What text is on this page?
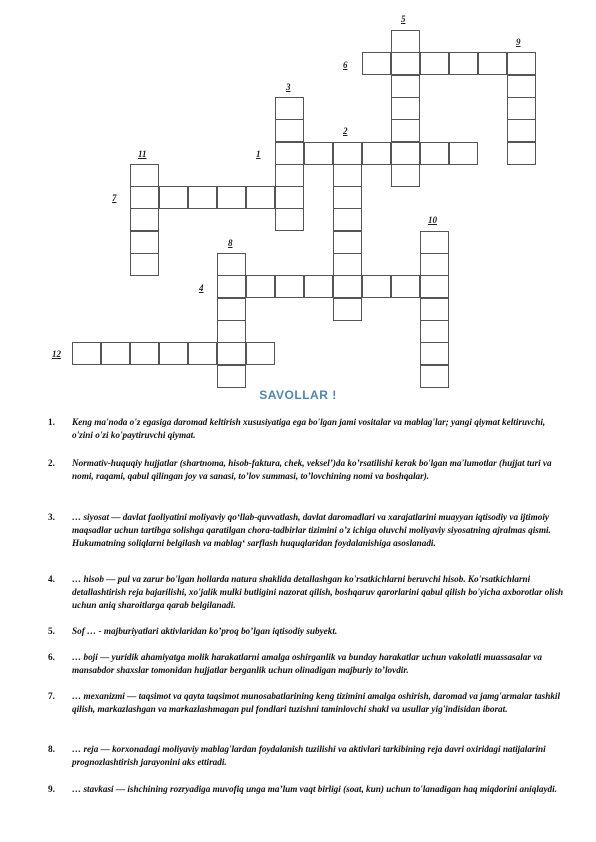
1
2
3
4
5
6
7
8
9
10
11
12
SAVOLLAR !
1. Keng ma'noda o'z egasiga daromad keltirish xususiyatiga ega bo'lgan jami vositalar va mablag'lar; yangi qiymat keltiruvchi, o'zini o'zi ko'paytiruvchi qiymat.
2. Normativ-huquqiy hujjatlar (shartnoma, hisob-faktura, chek, veksel’)da ko’rsatilishi kerak bo'lgan ma'lumotlar (hujjat turi va nomi, raqami, qabul qilingan joy va sanasi, to’lov summasi, to’lovchining nomi va boshqalar).
3. … siyosat — davlat faoliyatini moliyaviy qo‘llab-quvvatlash, davlat daromadlari va xarajatlarini muayyan iqtisodiy va ijtimoiy maqsadlar uchun tartibga solishga qaratilgan chora-tadbirlar tizimini o’z ichiga oluvchi moliyaviy siyosatning ajralmas qismi. Hukumatning soliqlarni belgilash va mablag‘ sarflash huquqlaridan foydalanishiga asoslanadi.
4. … hisob — pul va zarur bo'lgan hollarda natura shaklida detallashgan ko'rsatkichlarni beruvchi hisob. Ko'rsatkichlarni detallashtirish reja bajarilishi, xo'jalik mulki butligini nazorat qilish, boshqaruv qarorlarini qabul qilish bo'yicha axborotlar olish uchun aniq sharoitlarga qarab belgilanadi.
5. Sof … - majburiyatlari aktivlaridan ko’proq bo’lgan iqtisodiy subyekt.
6. … boji — yuridik ahamiyatga molik harakatlarni amalga oshirganlik va bunday harakatlar uchun vakolatli muassasalar va mansabdor shaxslar tomonidan hujjatlar berganlik uchun olinadigan majburiy to’lovdir.
7. … mexanizmi — taqsimot va qayta taqsimot munosabatlarining keng tizimini amalga oshirish, daromad va jamg'armalar tashkil qilish, markazlashgan va markazlashmagan pul fondlari tuzishni taminlovchi shakl va usullar yig'indisidan iborat.
8. … reja — korxonadagi moliyaviy mablag'lardan foydalanish tuzilishi va aktivlari tarkibining reja davri oxiridagi natijalarini prognozlashtirish jarayonini aks ettiradi.
9. … stavkasi — ishchining rozryadiga muvofiq unga ma’lum vaqt birligi (soat, kun) uchun to'lanadigan haq miqdorini aniqlaydi.
